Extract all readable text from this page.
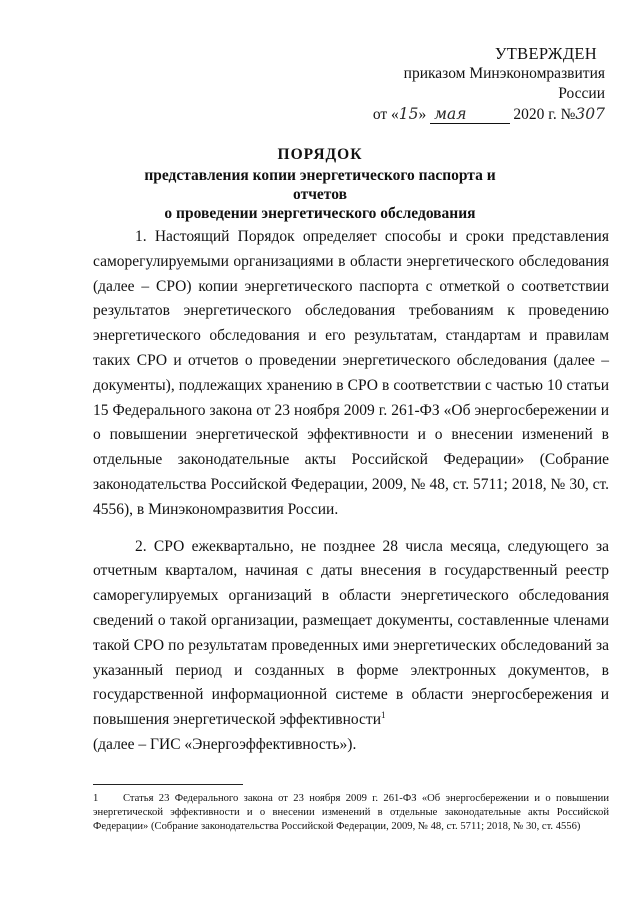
УТВЕРЖДЕН
приказом Минэкономразвития России
от «15» мая	2020 г. №307
ПОРЯДОК
представления копии энергетического паспорта и отчетов
о проведении энергетического обследования

1. Настоящий Порядок определяет способы и сроки представления саморегулируемыми организациями в области энергетического обследования (далее – СРО) копии энергетического паспорта с отметкой о соответствии результатов энергетического обследования требованиям к проведению энергетического обследования и его результатам, стандартам и правилам таких СРО и отчетов о проведении энергетического обследования (далее – документы), подлежащих хранению в СРО в соответствии с частью 10 статьи 15 Федерального закона от 23 ноября 2009 г. 261-ФЗ «Об энергосбережении и о повышении энергетической эффективности и о внесении изменений в отдельные законодательные акты Российской Федерации» (Собрание законодательства Российской Федерации, 2009, № 48, ст. 5711; 2018, № 30, ст. 4556), в Минэкономразвития России.

2. СРО ежеквартально, не позднее 28 числа месяца, следующего за отчетным кварталом, начиная с даты внесения в государственный реестр саморегулируемых организаций в области энергетического обследования сведений о такой организации, размещает документы, составленные членами такой СРО по результатам проведенных ими энергетических обследований за указанный период и созданных в форме электронных документов, в государственной информационной системе в области энергосбережения и повышения энергетической эффективности$^1$

(далее – ГИС «Энергоэффективность»).
1 Статья 23 Федерального закона от 23 ноября 2009 г. 261-ФЗ «Об энергосбережении и о повышении энергетической эффективности и о внесении изменений в отдельные законодательные акты Российской Федерации» (Собрание законодательства Российской Федерации, 2009, № 48, ст. 5711; 2018, № 30, ст. 4556)
